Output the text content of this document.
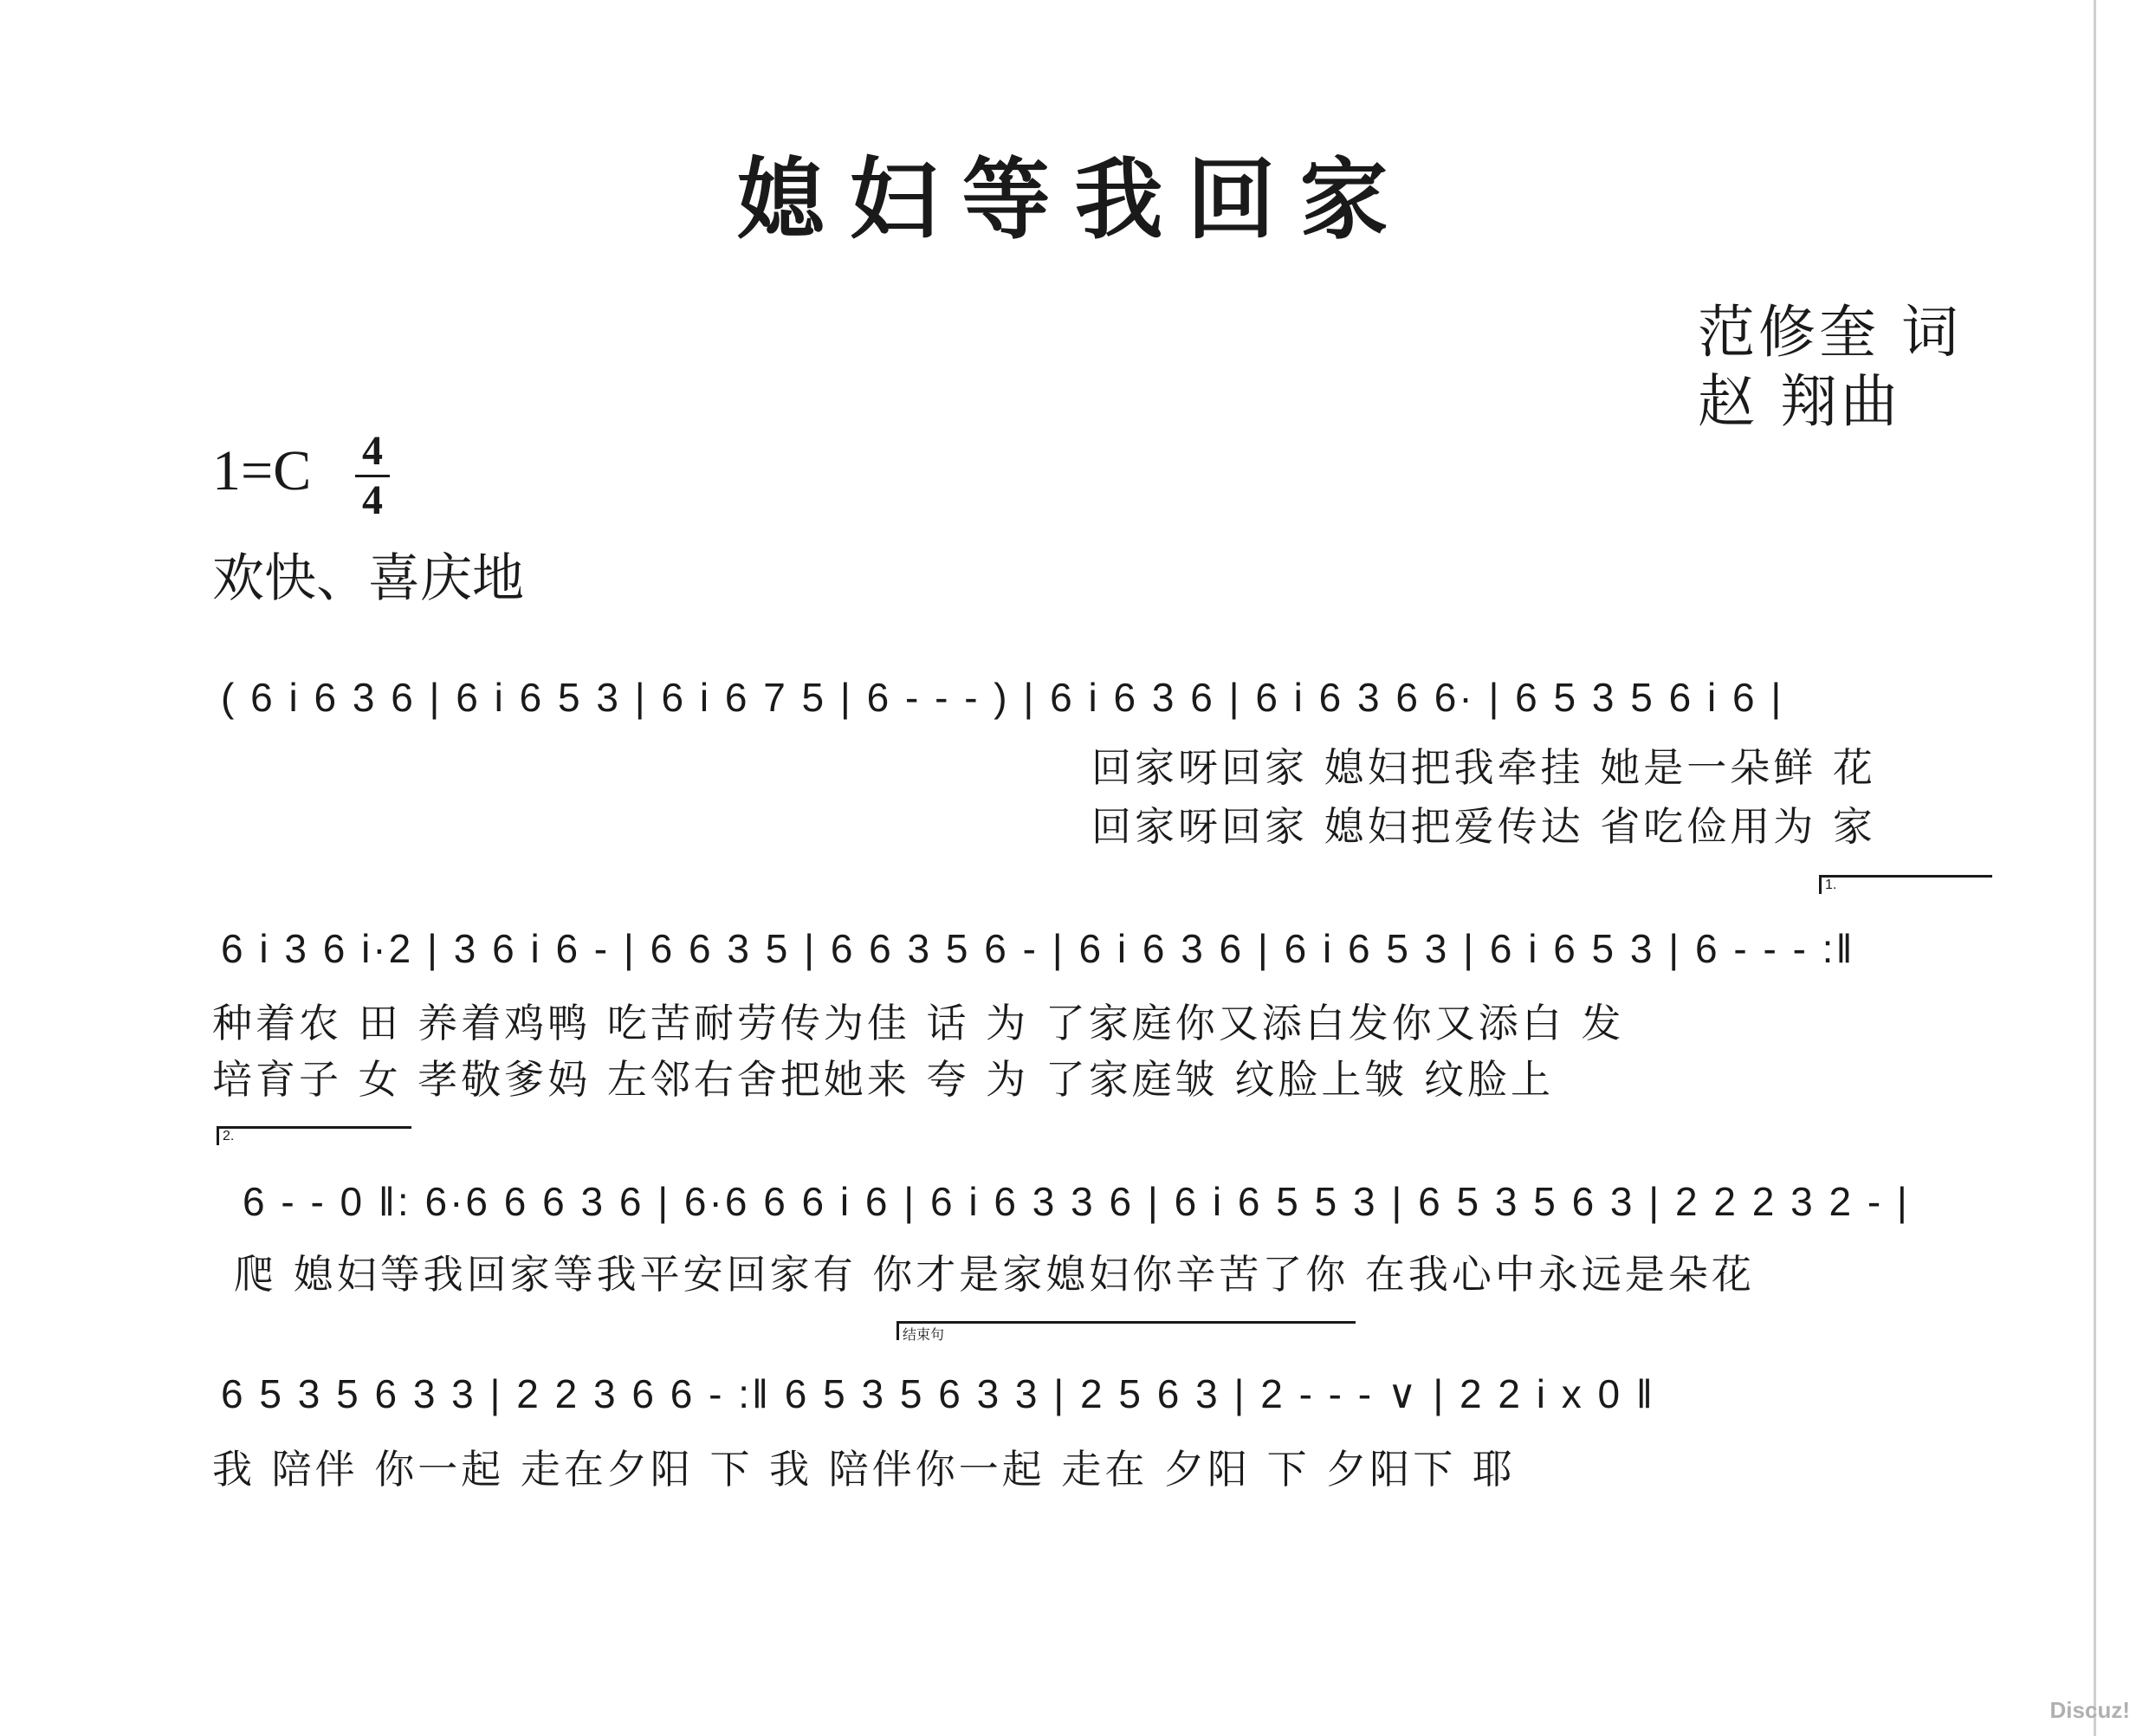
媳妇等我回家
范修奎 词
赵 翔曲
1=C 4
4
欢快、喜庆地
( 6 i 6 3 6 | 6 i 6 5 3 | 6 i 6 7 5 | 6 - - - ) | 6 i 6 3 6 | 6 i 6 3 6 6· | 6 5 3 5 6 i 6 |
回家呀回家 媳妇把我牵挂 她是一朵鲜 花
回家呀回家 媳妇把爱传达 省吃俭用为 家
1.
6 i 3 6 i·2 | 3 6 i 6 - | 6 6 3 5 | 6 6 3 5 6 - | 6 i 6 3 6 | 6 i 6 5 3 | 6 i 6 5 3 | 6 - - - :‖
种着农 田 养着鸡鸭 吃苦耐劳传为佳 话 为 了家庭你又添白发你又添白 发
培育子 女 孝敬爹妈 左邻右舍把她来 夸 为 了家庭皱 纹脸上皱 纹脸上
2.
6 - - 0 ‖: 6·6 6 6 3 6 | 6·6 6 6 i 6 | 6 i 6 3 3 6 | 6 i 6 5 5 3 | 6 5 3 5 6 3 | 2 2 2 3 2 - |
爬 媳妇等我回家等我平安回家有 你才是家媳妇你辛苦了你 在我心中永远是朵花
结束句
6 5 3 5 6 3 3 | 2 2 3 6 6 - :‖ 6 5 3 5 6 3 3 | 2 5 6 3 | 2 - - - ∨ | 2 2 i x 0 ‖
我 陪伴 你一起 走在夕阳 下 我 陪伴你一起 走在 夕阳 下 夕阳下 耶
Discuz!
